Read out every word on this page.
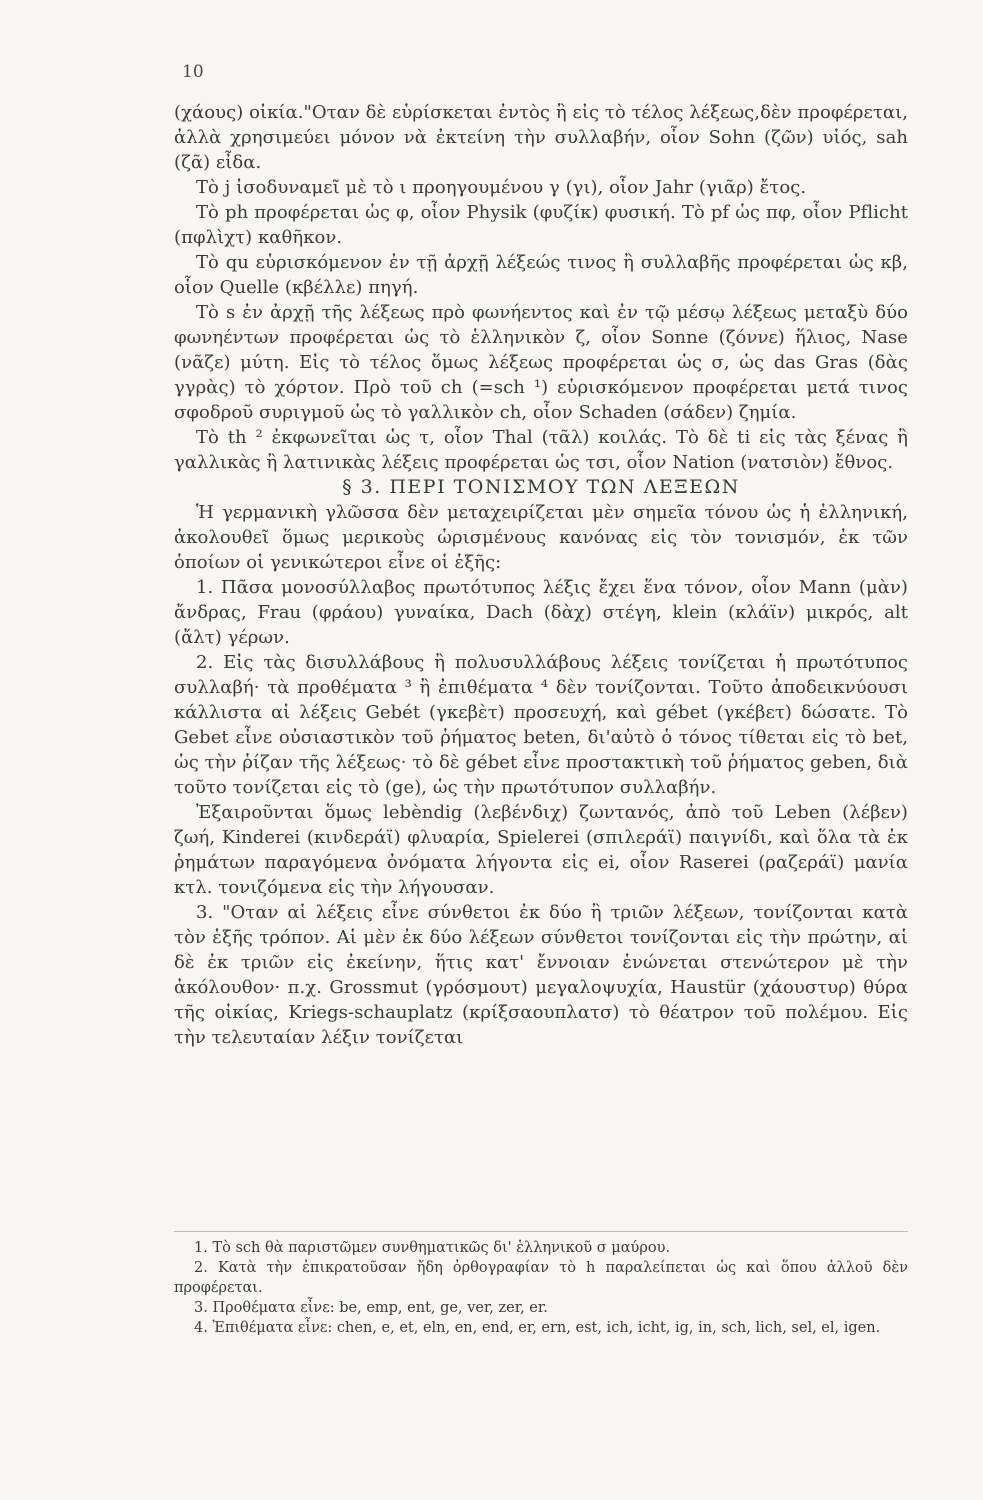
10

(χάους) οἰκία."Οταν δὲ εὑρίσκεται ἐντὸς ἢ εἰς τὸ τέλος λέξεως,δὲν προφέρεται, ἀλλὰ χρησιμεύει μόνον νὰ ἐκτείνη τὴν συλλαβήν, οἷον Sohn (ζῶν) υἱός, sah (ζᾶ) εἶδα.

Τὸ j ἰσοδυναμεῖ μὲ τὸ ι προηγουμένου γ (γι), οἷον Jahr (γιᾶρ) ἔτος.

Τὸ ph προφέρεται ὡς φ, οἷον Physik (φυζίκ) φυσική. Τὸ pf ὡς πφ, οἷον Pflicht (πφλὶχτ) καθῆκον.

Τὸ qu εὑρισκόμενον ἐν τῇ ἀρχῇ λέξεώς τινος ἢ συλλαβῆς προφέρεται ὡς κβ, οἷον Quelle (κβέλλε) πηγή.

Τὸ s ἐν ἀρχῇ τῆς λέξεως πρὸ φωνήεντος καὶ ἐν τῷ μέσῳ λέξεως μεταξὺ δύο φωνηέντων προφέρεται ὡς τὸ ἑλληνικὸν ζ, οἷον Sonne (ζόννε) ἥλιος, Nase (νᾶζε) μύτη. Εἰς τὸ τέλος ὅμως λέξεως προφέρεται ὡς σ, ὡς das Gras (δὰς γγρὰς) τὸ χόρτον. Πρὸ τοῦ ch (=sch ¹) εὑρισκόμενον προφέρεται μετά τινος σφοδροῦ συριγμοῦ ὡς τὸ γαλλικὸν ch, οἷον Schaden (σάδεν) ζημία.

Τὸ th ² ἐκφωνεῖται ὡς τ, οἷον Thal (τᾶλ) κοιλάς. Τὸ δὲ ti εἰς τὰς ξένας ἢ γαλλικὰς ἢ λατινικὰς λέξεις προφέρεται ὡς τσι, οἷον Nation (νατσιὸν) ἔθνος.

§ 3. ΠΕΡΙ ΤΟΝΙΣΜΟΥ ΤΩΝ ΛΕΞΕΩΝ

Ἡ γερμανικὴ γλῶσσα δὲν μεταχειρίζεται μὲν σημεῖα τόνου ὡς ἡ ἑλληνική, ἀκολουθεῖ ὅμως μερικοὺς ὡρισμένους κανόνας εἰς τὸν τονισμόν, ἐκ τῶν ὁποίων οἱ γενικώτεροι εἶνε οἱ ἑξῆς:

1. Πᾶσα μονοσύλλαβος πρωτότυπος λέξις ἔχει ἕνα τόνον, οἷον Mann (μὰν) ἄνδρας, Frau (φράου) γυναίκα, Dach (δὰχ) στέγη, klein (κλάϊν) μικρός, alt (ἄλτ) γέρων.

2. Εἰς τὰς δισυλλάβους ἢ πολυσυλλάβους λέξεις τονίζεται ἡ πρωτότυπος συλλαβή· τὰ προθέματα ³ ἢ ἐπιθέματα ⁴ δὲν τονίζονται. Τοῦτο ἀποδεικνύουσι κάλλιστα αἱ λέξεις Gebét (γκεβὲτ) προσευχή, καὶ gébet (γκέβετ) δώσατε. Τὸ Gebet εἶνε οὐσιαστικὸν τοῦ ῥήματος beten, δι'αὐτὸ ὁ τόνος τίθεται εἰς τὸ bet, ὡς τὴν ῥίζαν τῆς λέξεως· τὸ δὲ gébet εἶνε προστακτικὴ τοῦ ῥήματος geben, διὰ τοῦτο τονίζεται εἰς τὸ (ge), ὡς τὴν πρωτότυπον συλλαβήν.

Ἐξαιροῦνται ὅμως lebèndig (λεβένδιχ) ζωντανός, ἀπὸ τοῦ Leben (λέβεν) ζωή, Kinderei (κινδεράϊ) φλυαρία, Spielerei (σπιλεράϊ) παιγνίδι, καὶ ὅλα τὰ ἐκ ῥημάτων παραγόμενα ὀνόματα λήγοντα εἰς ei, οἷον Raserei (ραζεράϊ) μανία κτλ. τονιζόμενα εἰς τὴν λήγουσαν.

3. "Οταν αἱ λέξεις εἶνε σύνθετοι ἐκ δύο ἢ τριῶν λέξεων, τονίζονται κατὰ τὸν ἑξῆς τρόπον. Αἱ μὲν ἐκ δύο λέξεων σύνθετοι τονίζονται εἰς τὴν πρώτην, αἱ δὲ ἐκ τριῶν εἰς ἐκείνην, ἥτις κατ' ἔννοιαν ἑνώνεται στενώτερον μὲ τὴν ἀκόλουθον· π.χ. Grossmut (γρόσμουτ) μεγαλοψυχία, Haustür (χάουστυρ) θύρα τῆς οἰκίας, Kriegs-schauplatz (κρίξσαουπλατσ) τὸ θέατρον τοῦ πολέμου. Εἰς τὴν τελευταίαν λέξιν τονίζεται

1. Τὸ sch θὰ παριστῶμεν συνθηματικῶς δι' ἑλληνικοῦ σ μαύρου.

2. Κατὰ τὴν ἐπικρατοῦσαν ἤδη ὀρθογραφίαν τὸ h παραλείπεται ὡς καὶ ὅπου ἀλλοῦ δὲν προφέρεται.

3. Προθέματα εἶνε: be, emp, ent, ge, ver, zer, er.

4. Ἐπιθέματα εἶνε: chen, e, et, eln, en, end, er, ern, est, ich, icht, ig, in, sch, lich, sel, el, igen.
